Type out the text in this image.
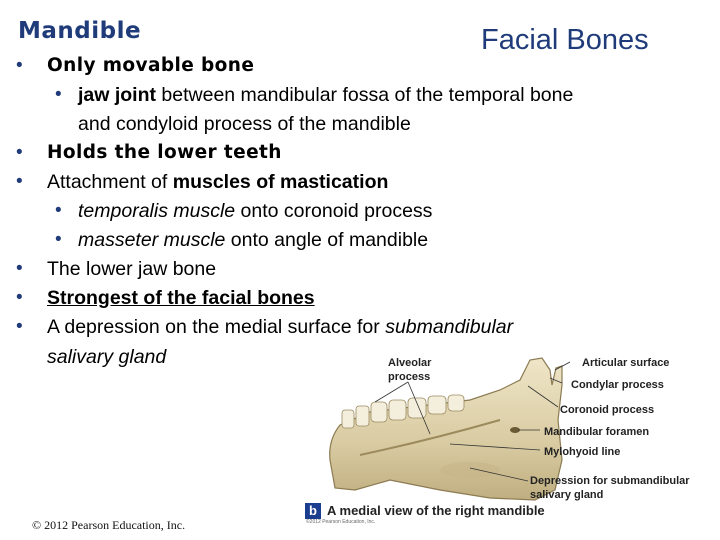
Mandible	Facial Bones
• Only movable bone
• jaw joint between mandibular fossa of the temporal bone
and condyloid process of the mandible
• Holds the lower teeth
• Attachment of muscles of mastication
• temporalis muscle onto coronoid process
• masseter muscle onto angle of mandible
• The lower jaw bone
• Strongest of the facial bones
• A depression on the medial surface for submandibular
salivary gland	Alveolar
process
Articular surface
Condylar process
Coronoid process
Mandibular foramen
Mylohyoid line
Depression for submandibular
salivary gland
b A medial view of the right mandible
©2012 Pearson Education, Inc.
© 2012 Pearson Education, Inc.
